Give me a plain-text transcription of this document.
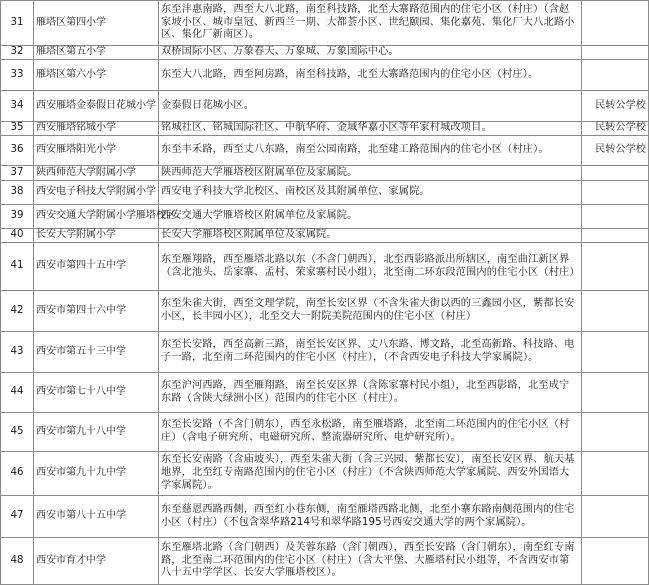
31	雁塔区第四小学	东至沣惠南路，西至大八北路，南至科技路，北至大寨路范围内的住宅小区（村庄）（含赵家坡小区、城市皇冠、新西兰一期、大都荟小区、世纪颐园、集化嘉苑、集化厂大八北路小区、集化厂新南区）。	

32	雁塔区第五小学	双桥国际小区、万象春天、万象城、万象国际中心。	

33	雁塔区第六小学	东至大八北路，西至阿房路，南至科技路，北至大寨路范围内的住宅小区（村庄）。	

34	西安雁塔金泰假日花城小学	金泰假日花城小区。	民转公学校
35	西安雁塔铭城小学	铭城社区、铭城国际社区、中航华府、金域华嘉小区等年家村城改项目。	民转公学校
36	西安雁塔阳光小学	东至丰禾路，西至丈八东路，南至公园南路，北至建工路范围内的住宅小区（村庄）。	民转公学校
37	陕西师范大学附属小学	陕西师范大学雁塔校区附属单位及家属院。	

38	西安电子科技大学附属小学	西安电子科技大学北校区、南校区及其附属单位、家属院。	

39	西安交通大学附属小学雁塔校区	西安交通大学雁塔校区附属单位及家属院。	

40	长安大学附属小学	长安大学雁塔校区附属单位及家属院。	

41	西安市第四十五中学	东至雁翔路，西至雁塔北路以东（不含门朝西），北至西影路派出所辖区，南至曲江新区界（含北池头、岳家寨、孟村、荣家寨村民小组），北至南二环东段范围内的住宅小区（村庄）	

42	西安市第四十六中学	东至朱雀大街，西至文理学院，南至长安区界（不含朱雀大街以西的三鑫园小区，紫都长安小区，长丰园小区），北至交大一附院美院范围内的住宅小区（村庄）	

43	西安市第五十三中学	东至长安路，西至高新三路，南至长安区界、丈八东路、博文路，北至高新路、科技路、电子一路，北至南二环范围内的住宅小区（村庄），（不含西安电子科技大学家属院）。	

44	西安市第七十八中学	东至沪河西路，西至雁翔路，南至长安区界（含陈家寨村民小组），北至西影路，北至成宁东路（含陕大绿洲小区）范围内的住宅小区（村庄）。	

45	西安市第九十八中学	东至长安路（不含门朝东），西至永松路，南至雁塔路，北至南二环范围内的住宅小区（村庄）（含电子研究所、电磁研究所、整流器研究所、电炉研究所）。	

46	西安市第九十九中学	东至长安南路（含庙坡头），西至朱雀大街（含三兴园、紫都长安），南至长安区界、航天基地界，北至红专南路范围内的住宅小区（村庄）（不含陕西师范大学家属院、西安外国语大学家属院）。	

47	西安市第八十五中学	东至慈恩西路西侧，西至红小巷东侧，南至雁塔西路北侧，北至小寨东路南侧范围内的住宅小区（村庄）（不包含翠华路214号和翠华路195号西安交通大学的两个家属院）。	

48	西安市育才中学	东至雁塔北路（含门朝西）及芙蓉东路（含门朝西），西至长安路（含门朝东），南至红专南路，北至南二环范围内的住宅小区（村庄）（含大平堡、大雁塔村民小组等，不含西安市第八十五中学学区、长安大学雁塔校区）。	
